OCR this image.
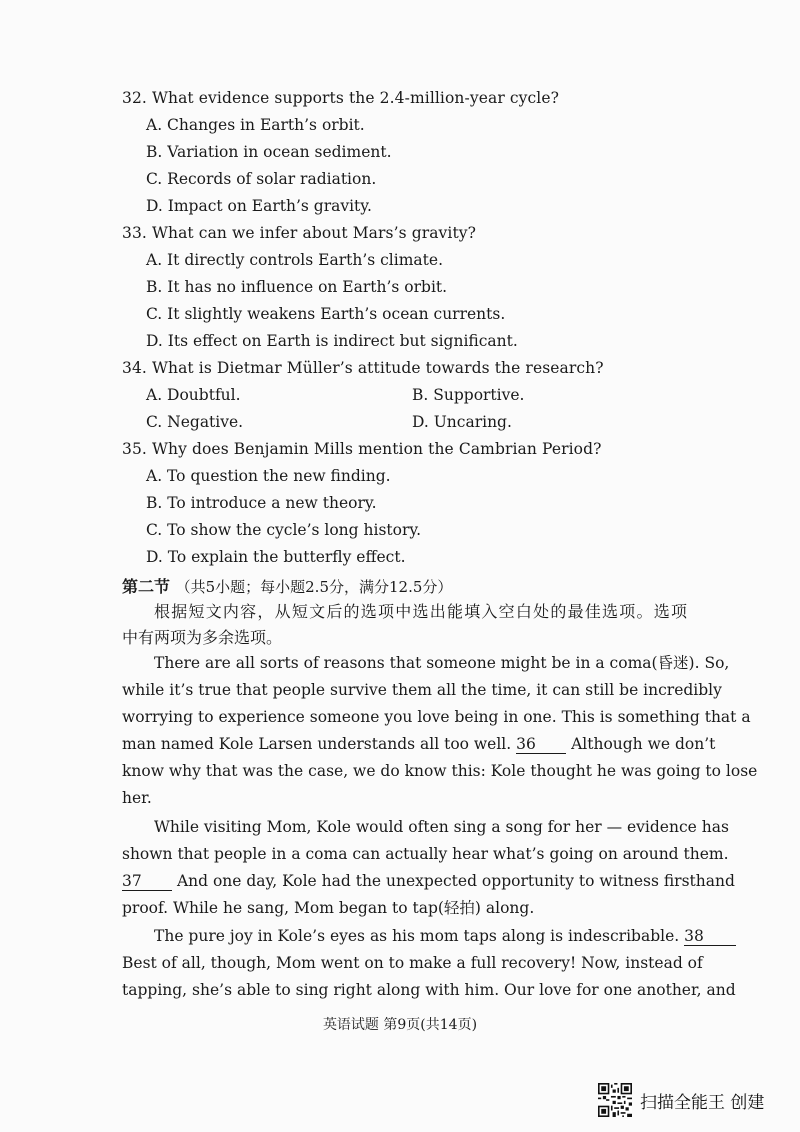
32. What evidence supports the 2.4-million-year cycle?
A. Changes in Earth’s orbit.
B. Variation in ocean sediment.
C. Records of solar radiation.
D. Impact on Earth’s gravity.
33. What can we infer about Mars’s gravity?
A. It directly controls Earth’s climate.
B. It has no influence on Earth’s orbit.
C. It slightly weakens Earth’s ocean currents.
D. Its effect on Earth is indirect but significant.
34. What is Dietmar Müller’s attitude towards the research?
A. Doubtful.	B. Supportive.
C. Negative.	D. Uncaring.
35. Why does Benjamin Mills mention the Cambrian Period?
A. To question the new finding.
B. To introduce a new theory.
C. To show the cycle’s long history.
D. To explain the butterfly effect.
第二节 （共5小题；每小题2.5分，满分12.5分）
根据短文内容，从短文后的选项中选出能填入空白处的最佳选项。选项
中有两项为多余选项。
There are all sorts of reasons that someone might be in a coma(昏迷). So,
while it’s true that people survive them all the time, it can still be incredibly
worrying to experience someone you love being in one. This is something that a
man named Kole Larsen understands all too well. 36 Although we don’t
know why that was the case, we do know this: Kole thought he was going to lose
her.
While visiting Mom, Kole would often sing a song for her — evidence has
shown that people in a coma can actually hear what’s going on around them.
37 And one day, Kole had the unexpected opportunity to witness firsthand
proof. While he sang, Mom began to tap(轻拍) along.
The pure joy in Kole’s eyes as his mom taps along is indescribable. 38
Best of all, though, Mom went on to make a full recovery! Now, instead of
tapping, she’s able to sing right along with him. Our love for one another, and
英语试题 第9页(共14页)
扫描全能王 创建
